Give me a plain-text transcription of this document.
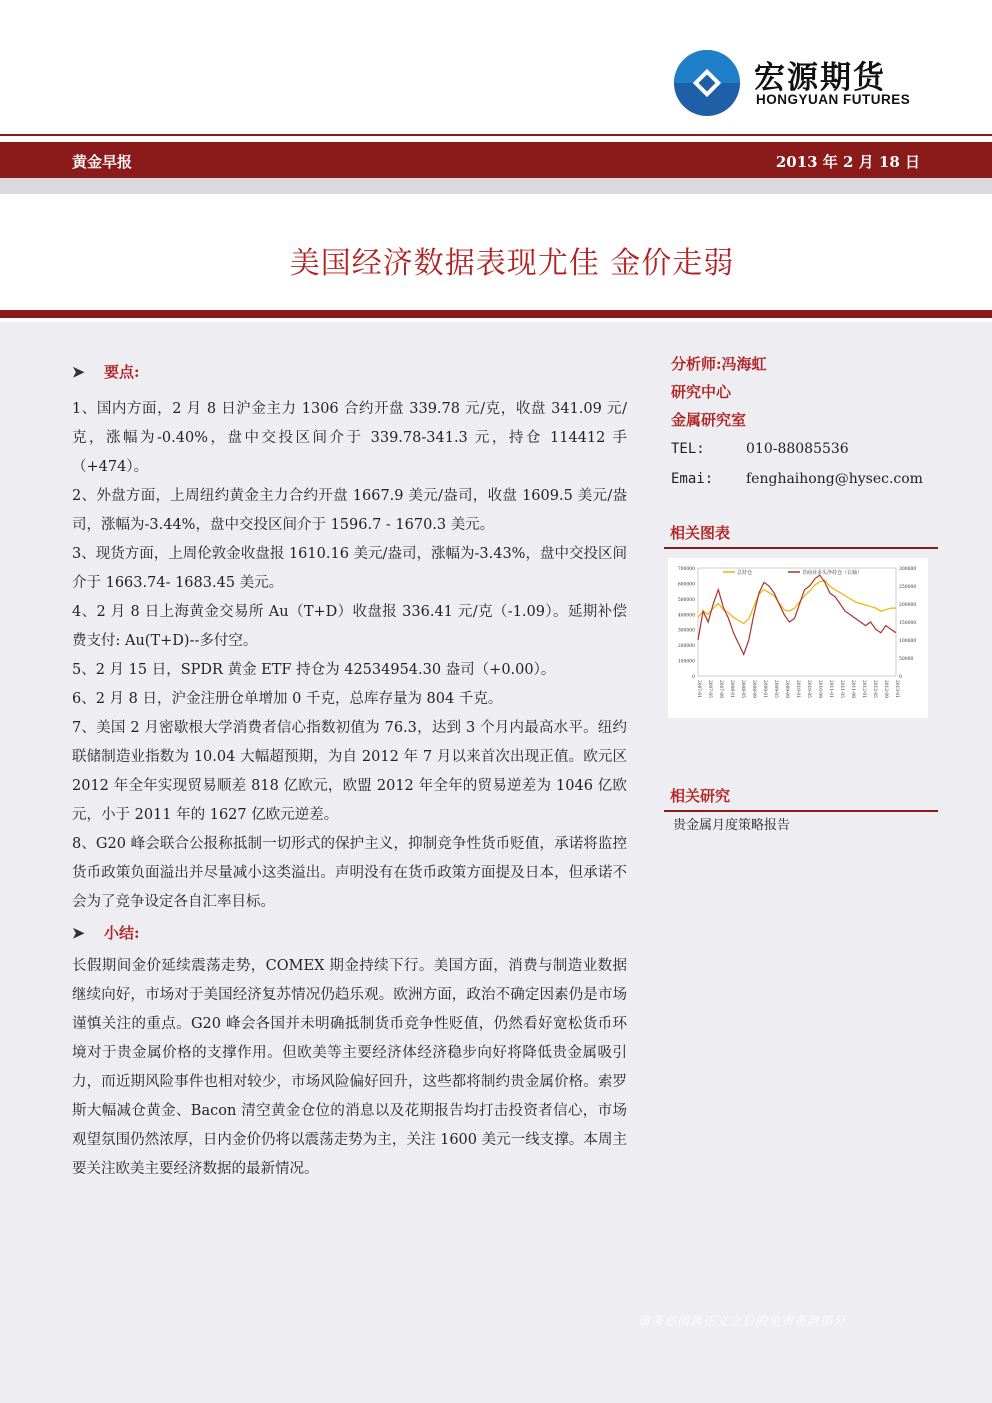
宏源期货
HONGYUAN FUTURES
黄金早报	2013 年 2 月 18 日
美国经济数据表现尤佳 金价走弱
➤ 要点:

1、国内方面，2 月 8 日沪金主力 1306 合约开盘 339.78 元/克，收盘 341.09 元/克，涨幅为-0.40%，盘中交投区间介于 339.78-341.3 元，持仓 114412 手（+474）。

2、外盘方面，上周纽约黄金主力合约开盘 1667.9 美元/盎司，收盘 1609.5 美元/盎司，涨幅为-3.44%，盘中交投区间介于 1596.7 - 1670.3 美元。

3、现货方面，上周伦敦金收盘报 1610.16 美元/盎司，涨幅为-3.43%，盘中交投区间介于 1663.74- 1683.45 美元。

4、2 月 8 日上海黄金交易所 Au（T+D）收盘报 336.41 元/克（-1.09）。延期补偿费支付: Au(T+D)--多付空。

5、2 月 15 日，SPDR 黄金 ETF 持仓为 42534954.30 盎司（+0.00）。

6、2 月 8 日，沪金注册仓单增加 0 千克，总库存量为 804 千克。

7、美国 2 月密歇根大学消费者信心指数初值为 76.3，达到 3 个月内最高水平。纽约联储制造业指数为 10.04 大幅超预期，为自 2012 年 7 月以来首次出现正值。欧元区 2012 年全年实现贸易顺差 818 亿欧元，欧盟 2012 年全年的贸易逆差为 1046 亿欧元，小于 2011 年的 1627 亿欧元逆差。

8、G20 峰会联合公报称抵制一切形式的保护主义，抑制竞争性货币贬值，承诺将监控货币政策负面溢出并尽量减小这类溢出。声明没有在货币政策方面提及日本，但承诺不会为了竞争设定各自汇率目标。

➤ 小结:

长假期间金价延续震荡走势，COMEX 期金持续下行。美国方面，消费与制造业数据继续向好，市场对于美国经济复苏情况仍趋乐观。欧洲方面，政治不确定因素仍是市场谨慎关注的重点。G20 峰会各国并未明确抵制货币竞争性贬值，仍然看好宽松货币环境对于贵金属价格的支撑作用。但欧美等主要经济体经济稳步向好将降低贵金属吸引力，而近期风险事件也相对较少，市场风险偏好回升，这些都将制约贵金属价格。索罗斯大幅减仓黄金、Bacon 清空黄金仓位的消息以及花期报告均打击投资者信心，市场观望氛围仍然浓厚，日内金价仍将以震荡走势为主，关注 1600 美元一线支撑。本周主要关注欧美主要经济数据的最新情况。

分析师:冯海虹
研究中心
金属研究室
TEL:	010-88085536
Emai: fenghaihong@hysec.com
相关图表
700000
600000
500000
400000
300000
200000
100000
0
300000
250000
200000
150000
100000
50000
0
2007-01 2007-05 2007-09 2008-01 2008-05 2008-09 2009-01 2009-05 2009-09 2010-01 2010-05 2010-09 2011-01 2011-05 2011-09 2012-01 2012-05 2012-09 2013-01
总持仓	非商业多头净持仓（右轴）
相关研究
贵金属月度策略报告
请务必阅读正文之后的免责条款部分
